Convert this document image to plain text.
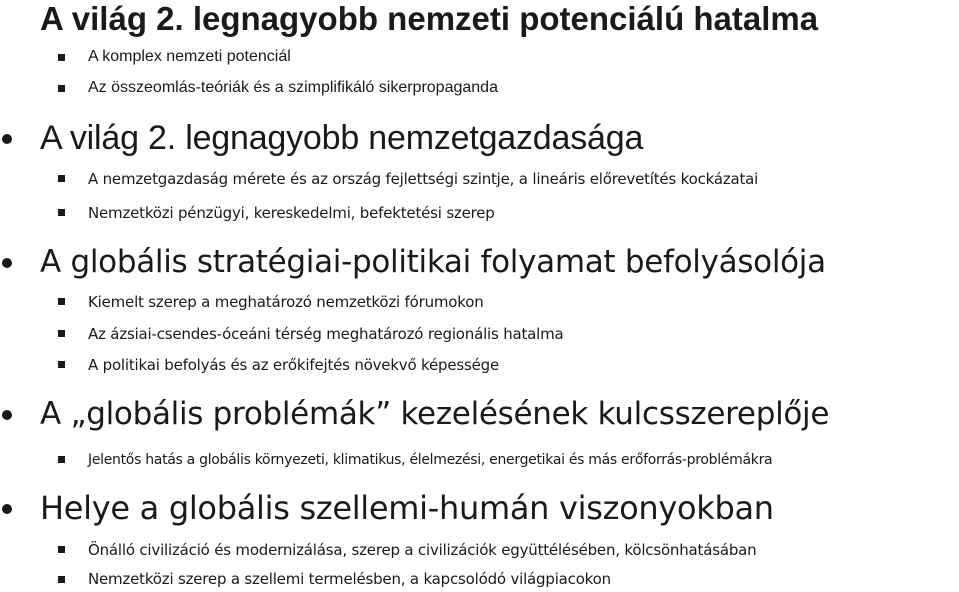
A világ 2. legnagyobb nemzeti potenciálú hatalma
A komplex nemzeti potenciál
Az összeomlás-teóriák és a szimplifikáló sikerpropaganda
A világ 2. legnagyobb nemzetgazdasága
A nemzetgazdaság mérete és az ország fejlettségi szintje, a lineáris előrevetítés kockázatai
Nemzetközi pénzügyi, kereskedelmi, befektetési szerep
A globális stratégiai-politikai folyamat befolyásolója
Kiemelt szerep a meghatározó nemzetközi fórumokon
Az ázsiai-csendes-óceáni térség meghatározó regionális hatalma
A politikai befolyás és az erőkifejtés növekvő képessége
A „globális problémák” kezelésének kulcsszereplője
Jelentős hatás a globális környezeti, klimatikus, élelmezési, energetikai és más erőforrás-problémákra
Helye a globális szellemi-humán viszonyokban
Önálló civilizáció és modernizálása, szerep a civilizációk együttélésében, kölcsönhatásában
Nemzetközi szerep a szellemi termelésben, a kapcsolódó világpiacokon
